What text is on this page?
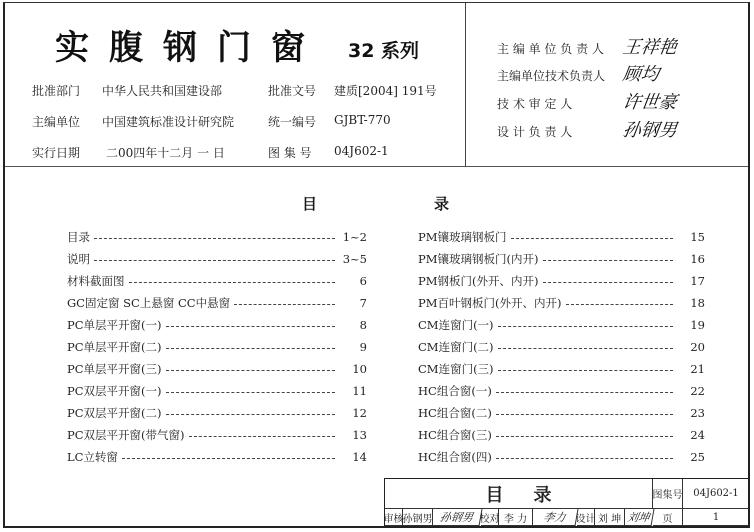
实腹钢门窗 32 系列
批准部门 中华人民共和国建设部	批准文号 建质[2004] 191号
主编单位 中国建筑标准设计研究院	统一编号 GJBT-770
实行日期 二00四年十二月 一 日	图 集 号 04J602-1
主 编 单 位 负 责 人 王祥艳
主编单位技术负责人 顾均
技 术 审 定 人	许世豪
设 计 负 责 人	孙钢男
目	录
目录	1~2
说明	3~5
材料截面图	6
GC固定窗 SC上悬窗 CC中悬窗	7
PC单层平开窗(一)	8
PC单层平开窗(二)	9
PC单层平开窗(三)	10
PC双层平开窗(一)	11
PC双层平开窗(二)	12
PC双层平开窗(带气窗)	13
LC立转窗	14
PM镶玻璃钢板门	15
PM镶玻璃钢板门(内开)	16
PM钢板门(外开、内开)	17
PM百叶钢板门(外开、内开)	18
CM连窗门(一)	19
CM连窗门(二)	20
CM连窗门(三)	21
HC组合窗(一)	22
HC组合窗(二)	23
HC组合窗(三)	24
HC组合窗(四)	25
目录	图集号	04J602-1
审核 孙钢男 孙钢男 校对 李 力	李力 设计 刘 坤 刘坤	页	1
